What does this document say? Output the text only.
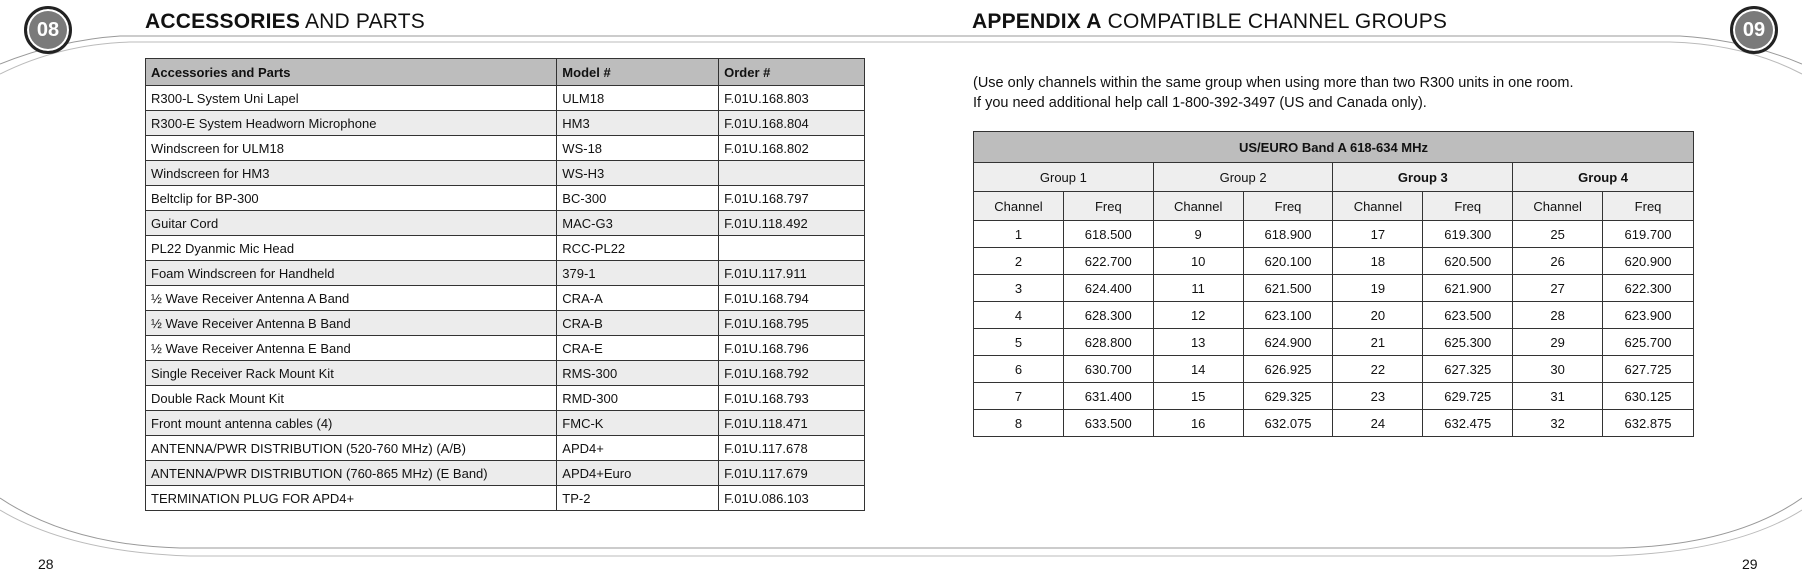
08	ACCESSORIES AND PARTS
Accessories and Parts	Model #	Order #
R300-L System Uni Lapel	ULM18	F.01U.168.803
R300-E System Headworn Microphone	HM3	F.01U.168.804
Windscreen for ULM18	WS-18	F.01U.168.802
Windscreen for HM3	WS-H3	
Beltclip for BP-300	BC-300	F.01U.168.797
Guitar Cord	MAC-G3	F.01U.118.492
PL22 Dyanmic Mic Head	RCC-PL22	
Foam Windscreen for Handheld	379-1	F.01U.117.911
½ Wave Receiver Antenna A Band	CRA-A	F.01U.168.794
½ Wave Receiver Antenna B Band	CRA-B	F.01U.168.795
½ Wave Receiver Antenna E Band	CRA-E	F.01U.168.796
Single Receiver Rack Mount Kit	RMS-300	F.01U.168.792
Double Rack Mount Kit	RMD-300	F.01U.168.793
Front mount antenna cables (4)	FMC-K	F.01U.118.471
ANTENNA/PWR DISTRIBUTION (520-760 MHz) (A/B)	APD4+	F.01U.117.678
ANTENNA/PWR DISTRIBUTION (760-865 MHz) (E Band)	APD4+Euro	F.01U.117.679
TERMINATION PLUG FOR APD4+	TP-2	F.01U.086.103
28
09
APPENDIX A COMPATIBLE CHANNEL GROUPS
(Use only channels within the same group when using more than two R300 units in one room.
If you need additional help call 1-800-392-3497 (US and Canada only).
US/EURO Band A 618-634 MHz							
Group 1		Group 2		Group 3		Group 4	
Channel	Freq	Channel	Freq	Channel	Freq	Channel	Freq
1	618.500	9	618.900	17	619.300	25	619.700
2	622.700	10	620.100	18	620.500	26	620.900
3	624.400	11	621.500	19	621.900	27	622.300
4	628.300	12	623.100	20	623.500	28	623.900
5	628.800	13	624.900	21	625.300	29	625.700
6	630.700	14	626.925	22	627.325	30	627.725
7	631.400	15	629.325	23	629.725	31	630.125
8	633.500	16	632.075	24	632.475	32	632.875
29
